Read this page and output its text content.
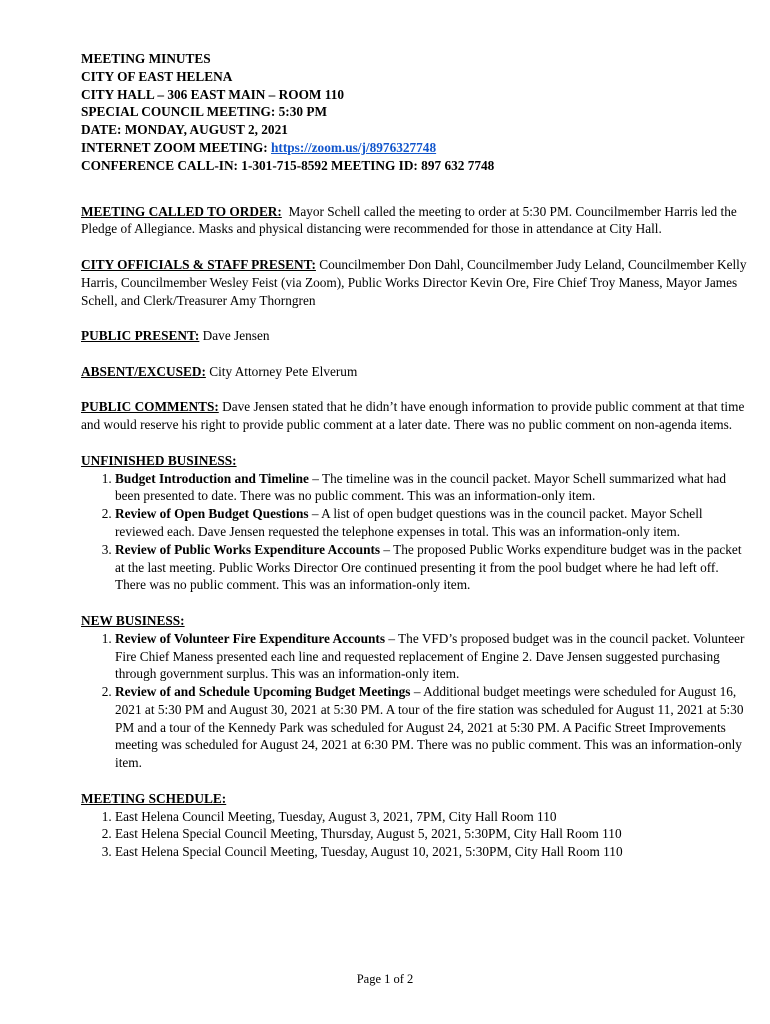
MEETING MINUTES
CITY OF EAST HELENA
CITY HALL – 306 EAST MAIN – ROOM 110
SPECIAL COUNCIL MEETING: 5:30 PM
DATE: MONDAY, AUGUST 2, 2021
INTERNET ZOOM MEETING: https://zoom.us/j/8976327748
CONFERENCE CALL-IN: 1-301-715-8592 MEETING ID: 897 632 7748

MEETING CALLED TO ORDER:  Mayor Schell called the meeting to order at 5:30 PM. Councilmember Harris led the Pledge of Allegiance. Masks and physical distancing were recommended for those in attendance at City Hall.

CITY OFFICIALS & STAFF PRESENT: Councilmember Don Dahl, Councilmember Judy Leland, Councilmember Kelly Harris, Councilmember Wesley Feist (via Zoom), Public Works Director Kevin Ore, Fire Chief Troy Maness, Mayor James Schell, and Clerk/Treasurer Amy Thorngren

PUBLIC PRESENT: Dave Jensen

ABSENT/EXCUSED: City Attorney Pete Elverum

PUBLIC COMMENTS: Dave Jensen stated that he didn’t have enough information to provide public comment at that time and would reserve his right to provide public comment at a later date. There was no public comment on non-agenda items.

UNFINISHED BUSINESS:
1. Budget Introduction and Timeline – The timeline was in the council packet. Mayor Schell summarized what had been presented to date. There was no public comment. This was an information-only item.
2. Review of Open Budget Questions – A list of open budget questions was in the council packet. Mayor Schell reviewed each. Dave Jensen requested the telephone expenses in total. This was an information-only item.
3. Review of Public Works Expenditure Accounts – The proposed Public Works expenditure budget was in the packet at the last meeting. Public Works Director Ore continued presenting it from the pool budget where he had left off. There was no public comment. This was an information-only item.
NEW BUSINESS:
1. Review of Volunteer Fire Expenditure Accounts – The VFD’s proposed budget was in the council packet. Volunteer Fire Chief Maness presented each line and requested replacement of Engine 2. Dave Jensen suggested purchasing through government surplus. This was an information-only item.
2. Review of and Schedule Upcoming Budget Meetings – Additional budget meetings were scheduled for August 16, 2021 at 5:30 PM and August 30, 2021 at 5:30 PM. A tour of the fire station was scheduled for August 11, 2021 at 5:30 PM and a tour of the Kennedy Park was scheduled for August 24, 2021 at 5:30 PM. A Pacific Street Improvements meeting was scheduled for August 24, 2021 at 6:30 PM. There was no public comment. This was an information-only item.
MEETING SCHEDULE:
1. East Helena Council Meeting, Tuesday, August 3, 2021, 7PM, City Hall Room 110
2. East Helena Special Council Meeting, Thursday, August 5, 2021, 5:30PM, City Hall Room 110
3. East Helena Special Council Meeting, Tuesday, August 10, 2021, 5:30PM, City Hall Room 110
Page 1 of 2
